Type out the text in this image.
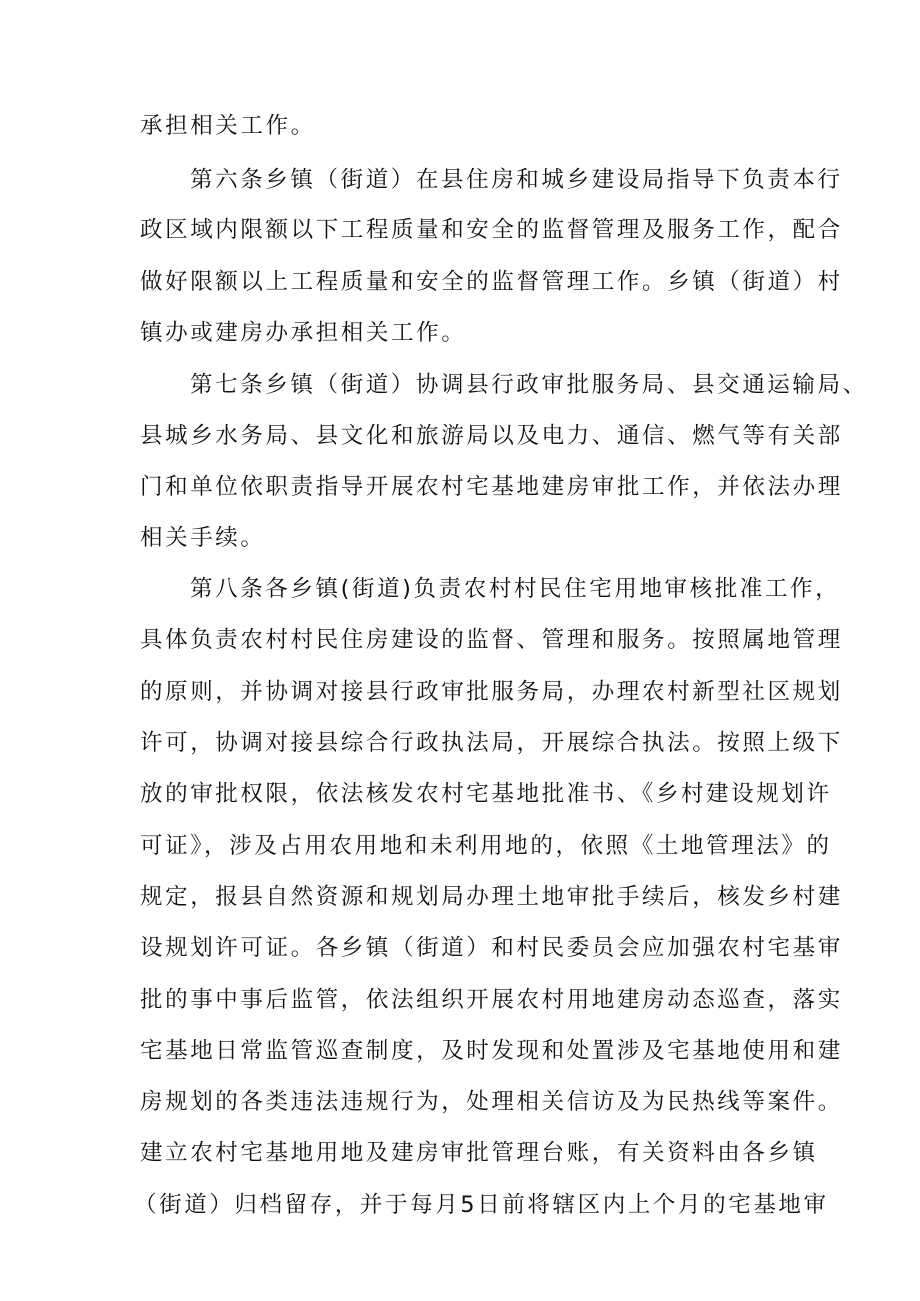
承担相关工作。
第六条乡镇（街道）在县住房和城乡建设局指导下负责本行
政区域内限额以下工程质量和安全的监督管理及服务工作，配合
做好限额以上工程质量和安全的监督管理工作。乡镇（街道）村
镇办或建房办承担相关工作。
第七条乡镇（街道）协调县行政审批服务局、县交通运输局、
县城乡水务局、县文化和旅游局以及电力、通信、燃气等有关部
门和单位依职责指导开展农村宅基地建房审批工作，并依法办理
相关手续。
第八条各乡镇(街道)负责农村村民住宅用地审核批准工作，
具体负责农村村民住房建设的监督、管理和服务。按照属地管理
的原则，并协调对接县行政审批服务局，办理农村新型社区规划
许可，协调对接县综合行政执法局，开展综合执法。按照上级下
放的审批权限，依法核发农村宅基地批准书、《乡村建设规划许
可证》，涉及占用农用地和未利用地的，依照《土地管理法》的
规定，报县自然资源和规划局办理土地审批手续后，核发乡村建
设规划许可证。各乡镇（街道）和村民委员会应加强农村宅基审
批的事中事后监管，依法组织开展农村用地建房动态巡查，落实
宅基地日常监管巡查制度，及时发现和处置涉及宅基地使用和建
房规划的各类违法违规行为，处理相关信访及为民热线等案件。
建立农村宅基地用地及建房审批管理台账，有关资料由各乡镇
（街道）归档留存，并于每月5日前将辖区内上个月的宅基地审
